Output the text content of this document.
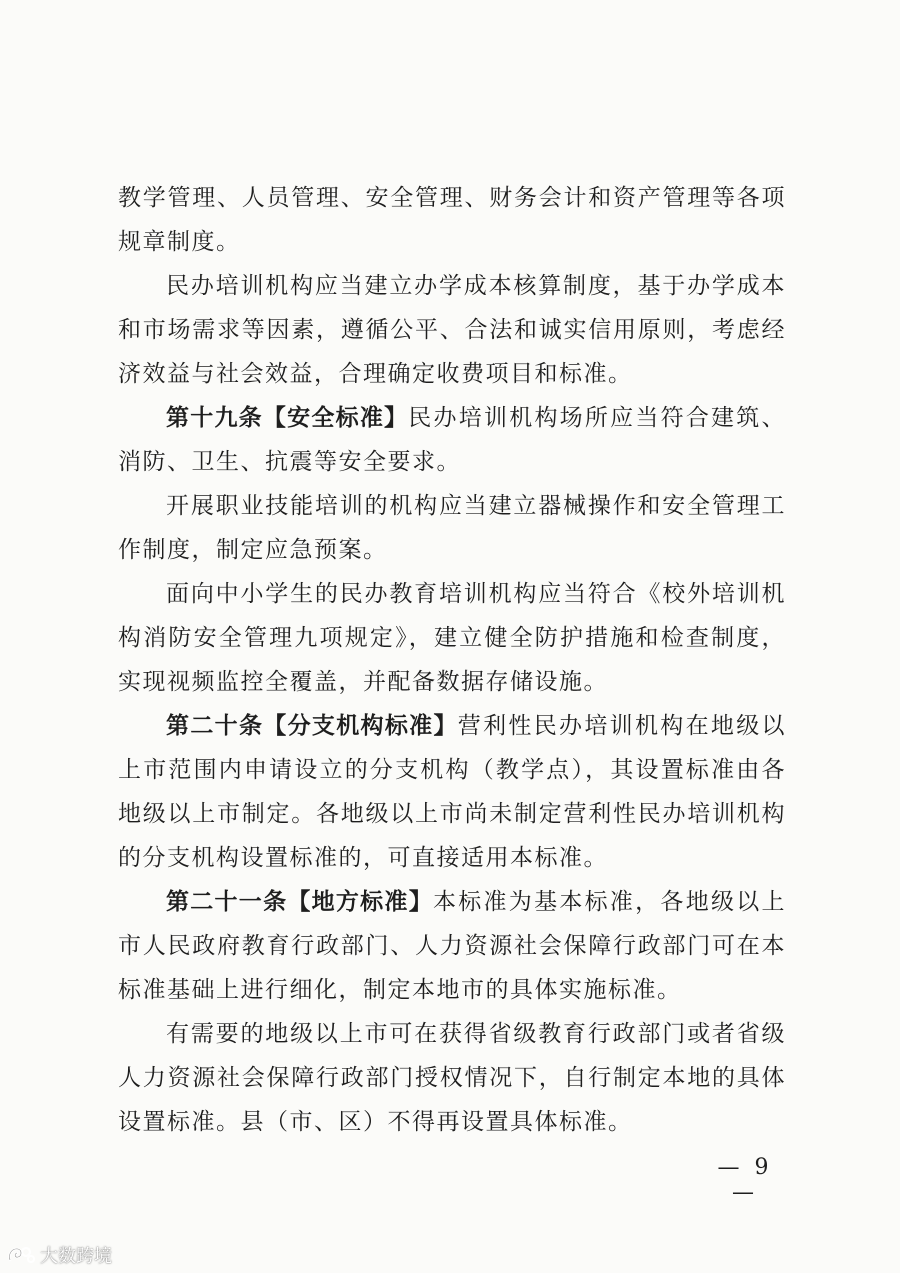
教学管理、人员管理、安全管理、财务会计和资产管理等各项规章制度。

民办培训机构应当建立办学成本核算制度，基于办学成本和市场需求等因素，遵循公平、合法和诚实信用原则，考虑经济效益与社会效益，合理确定收费项目和标准。

第十九条【安全标准】民办培训机构场所应当符合建筑、消防、卫生、抗震等安全要求。

开展职业技能培训的机构应当建立器械操作和安全管理工作制度，制定应急预案。

面向中小学生的民办教育培训机构应当符合《校外培训机构消防安全管理九项规定》，建立健全防护措施和检查制度，实现视频监控全覆盖，并配备数据存储设施。

第二十条【分支机构标准】营利性民办培训机构在地级以上市范围内申请设立的分支机构（教学点），其设置标准由各地级以上市制定。各地级以上市尚未制定营利性民办培训机构的分支机构设置标准的，可直接适用本标准。

第二十一条【地方标准】本标准为基本标准，各地级以上市人民政府教育行政部门、人力资源社会保障行政部门可在本标准基础上进行细化，制定本地市的具体实施标准。

有需要的地级以上市可在获得省级教育行政部门或者省级人力资源社会保障行政部门授权情况下，自行制定本地的具体设置标准。县（市、区）不得再设置具体标准。

— 9 —
大数跨境
